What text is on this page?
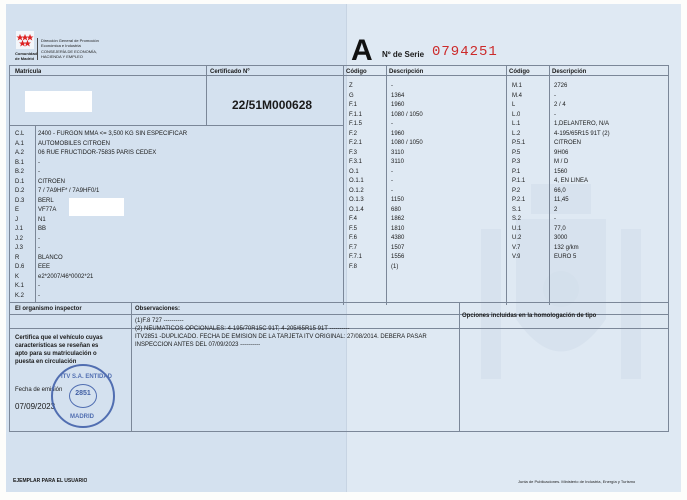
Comunidad
de Madrid
Dirección General de Promoción
Económica e Industrial
CONSEJERÍA DE ECONOMÍA,
HACIENDA Y EMPLEO	A Nº de Serie 0794251
Matrícula	Certificado Nº	Código	Descripción	Código	Descripción
22/51M000628
C.L 2400 - FURGON MMA <= 3,500 KG SIN ESPECIFICAR
A.1 AUTOMOBILES CITROËN
A.2 06 RUE FRUCTIDOR-75835 PARIS CEDEX
B.1 -
B.2 -
D.1 CITROËN
D.2 7 / 7A9HF* / 7A9HF0/1
D.3 BERL
E	VF77A
J	N1
J.1 BB
J.2 -
J.3 -
R	BLANCO
D.6 EEE
K	e2*2007/46*0002*21
K.1 -
K.2 -
Z	-
G	1364
F.1	1960
F.1.1	1080 / 1050
F.1.5	-
F.2	1960
F.2.1	1080 / 1050
F.3	3110
F.3.1	3110
O.1	-
O.1.1	-
O.1.2	-
O.1.3	1150
O.1.4	680
F.4	1862
F.5	1810
F.6	4380
F.7	1507
F.7.1	1556
F.8	(1)
M.1	2726
M.4	-
L	2 / 4
L.0	-
L.1	1,DELANTERO, N/A
L.2	4-195/65R15 91T (2)
P.5.1	CITROEN
P.5	9H06
P.3	M / D
P.1	1560
P.1.1	4, EN LINEA
P.2	66,0
P.2.1	11,45
S.1	2
S.2	-
U.1	77,0
U.2	3000
V.7	132 g/km
V.9	EURO 5
El organismo inspector	Observaciones:
Opciones incluidas en la homologación de tipo
(1)F.8 727 ----------
(2) NEUMATICOS OPCIONALES: 4-195/70R15C 91T; 4-205/65R15 91T ----------
ITV2851 -DUPLICADO. FECHA DE EMISIÓN DE LA TARJETA ITV ORIGINAL: 27/08/2014. DEBERÁ PASAR
INSPECCION ANTES DEL 07/09/2023 ----------
Certifica que el vehículo cuyas
características se reseñan es
apto para su matriculación o
puesta en circulación
Fecha de emisión
07/09/2023
ITV S.A. ENTIDAD
2851
MADRID
EJEMPLAR PARA EL USUARIO	Junta de Publicaciones. Ministerio de Industria, Energía y Turismo
